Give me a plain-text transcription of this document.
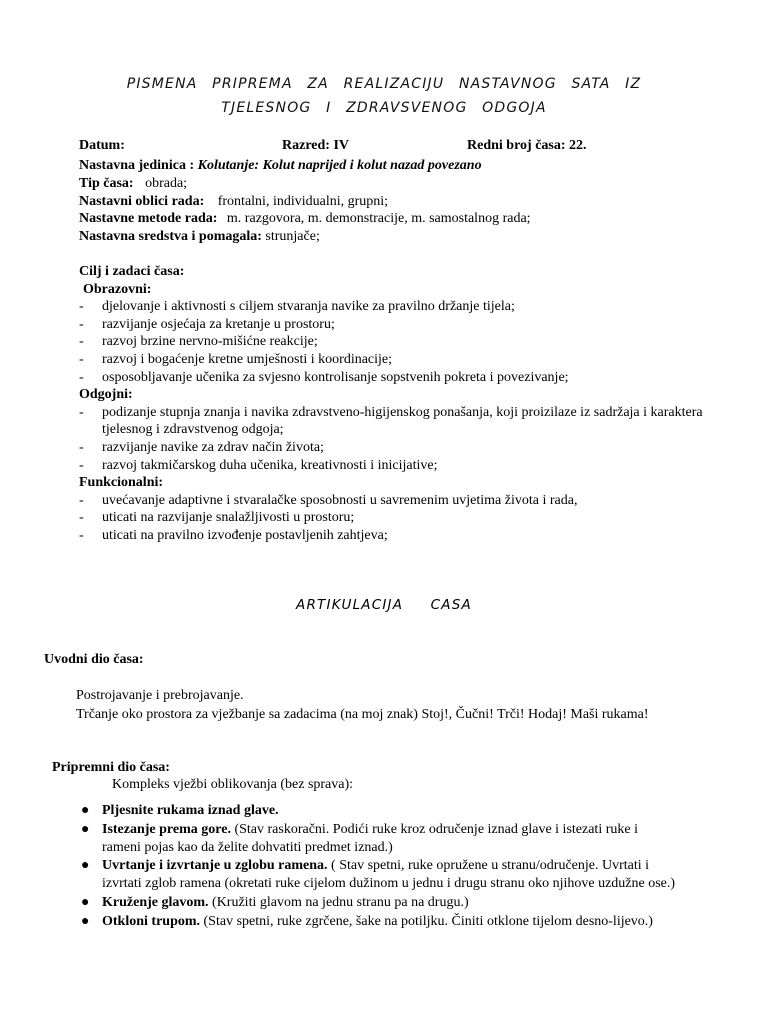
PISMENA PRIPREMA ZA REALIZACIJU NASTAVNOG SATA IZ
TJELESNOG I ZDRAVSVENOG ODGOJA
Datum:	Razred: IV	Redni broj časa: 22.
Nastavna jedinica : Kolutanje: Kolut naprijed i kolut nazad povezano
Tip časa: obrada;
Nastavni oblici rada: frontalni, individualni, grupni;
Nastavne metode rada: m. razgovora, m. demonstracije, m. samostalnog rada;
Nastavna sredstva i pomagala: strunjače;
Cilj i zadaci časa:
Obrazovni:
- djelovanje i aktivnosti s ciljem stvaranja navike za pravilno držanje tijela;
- razvijanje osjećaja za kretanje u prostoru;
- razvoj brzine nervno-mišićne reakcije;
- razvoj i bogaćenje kretne umješnosti i koordinacije;
- osposobljavanje učenika za svjesno kontrolisanje sopstvenih pokreta i povezivanje;
Odgojni:
- podizanje stupnja znanja i navika zdravstveno-higijenskog ponašanja, koji proizilaze iz sadržaja i karaktera tjelesnog i zdravstvenog odgoja;
- razvijanje navike za zdrav način života;
- razvoj takmičarskog duha učenika, kreativnosti i inicijative;
Funkcionalni:
- uvećavanje adaptivne i stvaralačke sposobnosti u savremenim uvjetima života i rada,
- uticati na razvijanje snalažljivosti u prostoru;
- uticati na pravilno izvođenje postavljenih zahtjeva;
ARTIKULACIJA CASA
Uvodni dio časa:
Postrojavanje i prebrojavanje.
Trčanje oko prostora za vježbanje sa zadacima (na moj znak) Stoj!, Čučni! Trči! Hodaj! Maši rukama!
Pripremni dio časa:
Kompleks vježbi oblikovanja (bez sprava):
● Pljesnite rukama iznad glave.
● Istezanje prema gore. (Stav raskoračni. Podići ruke kroz odručenje iznad glave i istezati ruke i rameni pojas kao da želite dohvatiti predmet iznad.)
● Uvrtanje i izvrtanje u zglobu ramena. ( Stav spetni, ruke opružene u stranu/odručenje. Uvrtati i izvrtati zglob ramena (okretati ruke cijelom dužinom u jednu i drugu stranu oko njihove uzdužne ose.)
● Kruženje glavom. (Kružiti glavom na jednu stranu pa na drugu.)
● Otkloni trupom. (Stav spetni, ruke zgrčene, šake na potiljku. Činiti otklone tijelom desno-lijevo.)
